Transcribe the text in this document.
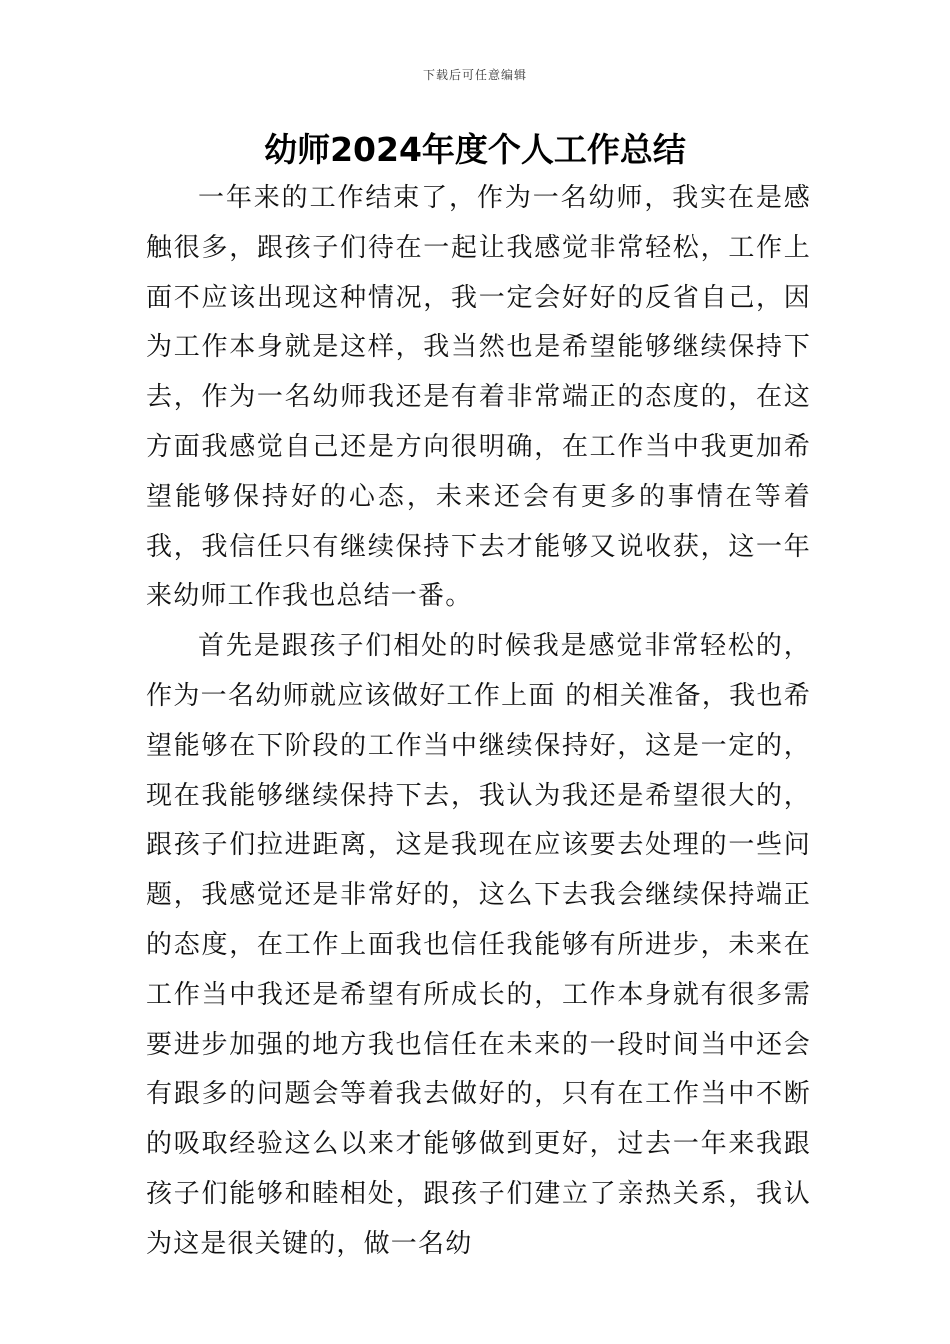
下载后可任意编辑
幼师2024年度个人工作总结

一年来的工作结束了，作为一名幼师，我实在是感触很多，跟孩子们待在一起让我感觉非常轻松，工作上面不应该出现这种情况，我一定会好好的反省自己，因为工作本身就是这样，我当然也是希望能够继续保持下去，作为一名幼师我还是有着非常端正的态度的，在这方面我感觉自己还是方向很明确，在工作当中我更加希望能够保持好的心态，未来还会有更多的事情在等着我，我信任只有继续保持下去才能够又说收获，这一年来幼师工作我也总结一番。

首先是跟孩子们相处的时候我是感觉非常轻松的，作为一名幼师就应该做好工作上面 的相关准备，我也希望能够在下阶段的工作当中继续保持好，这是一定的，现在我能够继续保持下去，我认为我还是希望很大的，跟孩子们拉进距离，这是我现在应该要去处理的一些问题，我感觉还是非常好的，这么下去我会继续保持端正的态度，在工作上面我也信任我能够有所进步，未来在工作当中我还是希望有所成长的，工作本身就有很多需要进步加强的地方我也信任在未来的一段时间当中还会有跟多的问题会等着我去做好的，只有在工作当中不断的吸取经验这么以来才能够做到更好，过去一年来我跟孩子们能够和睦相处，跟孩子们建立了亲热关系，我认为这是很关键的，做一名幼
